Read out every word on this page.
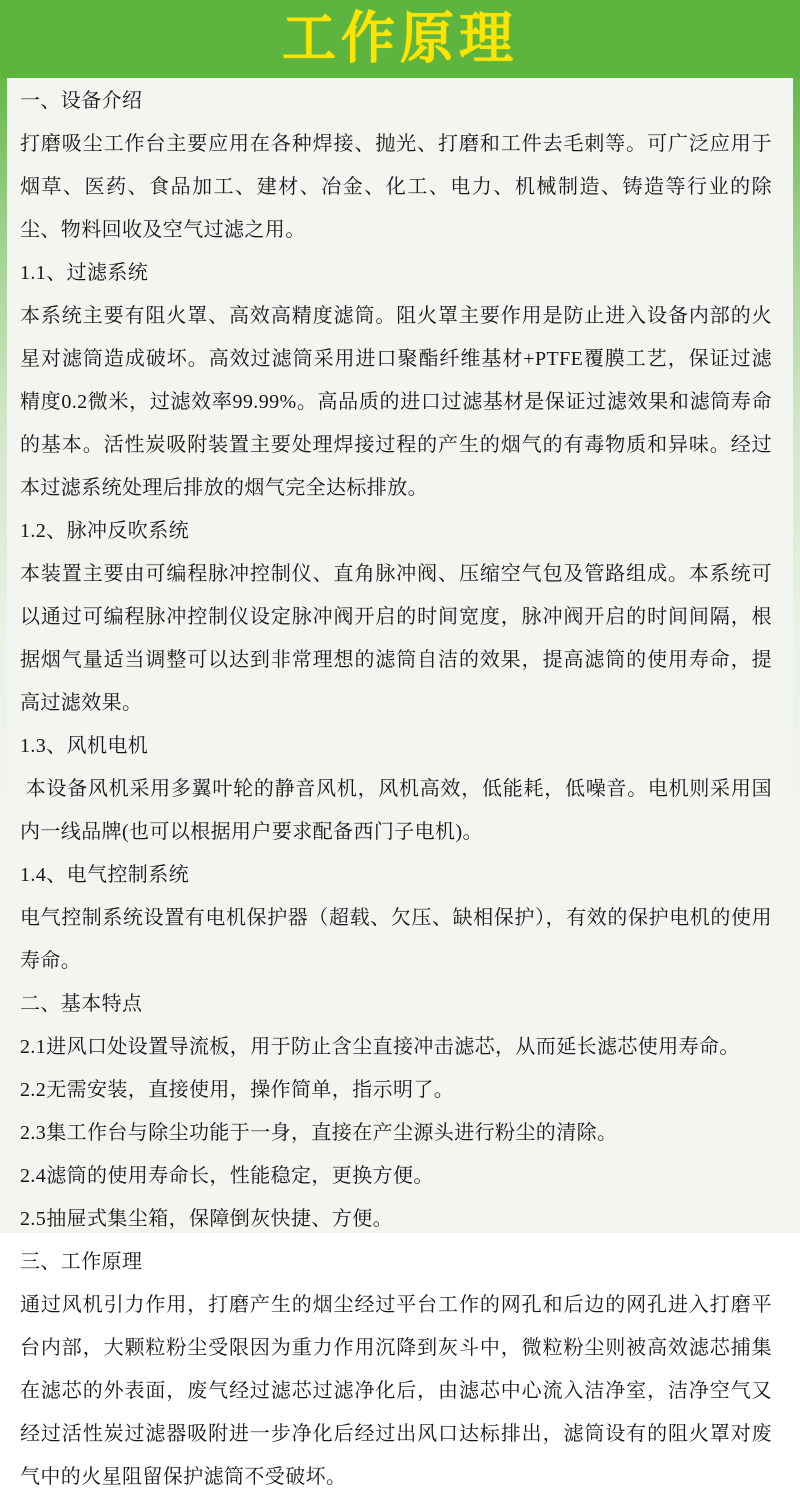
工作原理

一、设备介绍

打磨吸尘工作台主要应用在各种焊接、抛光、打磨和工件去毛刺等。可广泛应用于烟草、医药、食品加工、建材、冶金、化工、电力、机械制造、铸造等行业的除尘、物料回收及空气过滤之用。

1.1、过滤系统

本系统主要有阻火罩、高效高精度滤筒。阻火罩主要作用是防止进入设备内部的火星对滤筒造成破坏。高效过滤筒采用进口聚酯纤维基材+PTFE覆膜工艺，保证过滤精度0.2微米，过滤效率99.99%。高品质的进口过滤基材是保证过滤效果和滤筒寿命的基本。活性炭吸附装置主要处理焊接过程的产生的烟气的有毒物质和异味。经过本过滤系统处理后排放的烟气完全达标排放。

1.2、脉冲反吹系统

本装置主要由可编程脉冲控制仪、直角脉冲阀、压缩空气包及管路组成。本系统可以通过可编程脉冲控制仪设定脉冲阀开启的时间宽度，脉冲阀开启的时间间隔，根据烟气量适当调整可以达到非常理想的滤筒自洁的效果，提高滤筒的使用寿命，提高过滤效果。

1.3、风机电机

本设备风机采用多翼叶轮的静音风机，风机高效，低能耗，低噪音。电机则采用国内一线品牌(也可以根据用户要求配备西门子电机)。

1.4、电气控制系统

电气控制系统设置有电机保护器（超载、欠压、缺相保护），有效的保护电机的使用寿命。

二、基本特点

2.1进风口处设置导流板，用于防止含尘直接冲击滤芯，从而延长滤芯使用寿命。

2.2无需安装，直接使用，操作简单，指示明了。

2.3集工作台与除尘功能于一身，直接在产尘源头进行粉尘的清除。

2.4滤筒的使用寿命长，性能稳定，更换方便。

2.5抽屉式集尘箱，保障倒灰快捷、方便。

三、工作原理

通过风机引力作用，打磨产生的烟尘经过平台工作的网孔和后边的网孔进入打磨平台内部，大颗粒粉尘受限因为重力作用沉降到灰斗中，微粒粉尘则被高效滤芯捕集在滤芯的外表面，废气经过滤芯过滤净化后，由滤芯中心流入洁净室，洁净空气又经过活性炭过滤器吸附进一步净化后经过出风口达标排出，滤筒设有的阻火罩对废气中的火星阻留保护滤筒不受破坏。
